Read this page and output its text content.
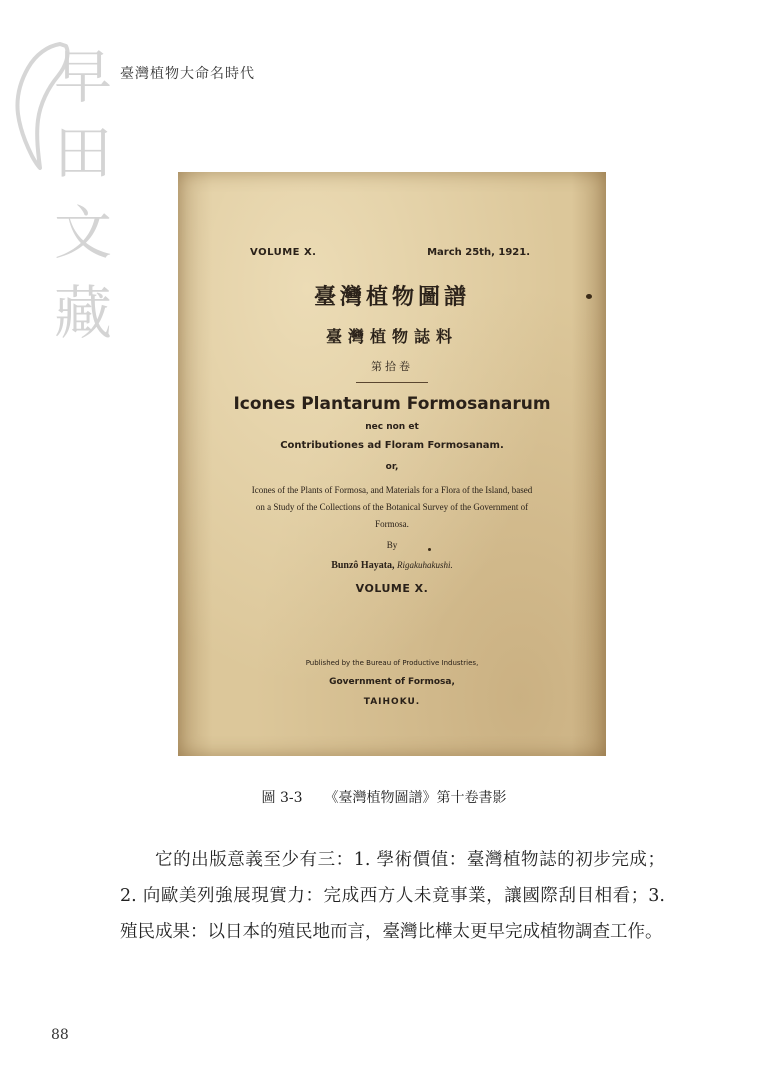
早
田
文
藏
臺灣植物大命名時代
VOLUME X.	March 25th, 1921.
臺灣植物圖譜
臺灣植物誌料
第拾卷
Icones Plantarum Formosanarum
nec non et
Contributiones ad Floram Formosanam.
or,
Icones of the Plants of Formosa, and Materials for a Flora of the Island, based on a Study of the Collections of the Botanical Survey of the Government of Formosa.
By
Bunzô Hayata, Rigakuhakushi.
VOLUME X.
Published by the Bureau of Productive Industries,
Government of Formosa,
TAIHOKU.
圖 3-3 《臺灣植物圖譜》第十卷書影

它的出版意義至少有三：1. 學術價值：臺灣植物誌的初步完成；2. 向歐美列強展現實力：完成西方人未竟事業，讓國際刮目相看；3. 殖民成果：以日本的殖民地而言，臺灣比樺太更早完成植物調查工作。

88
